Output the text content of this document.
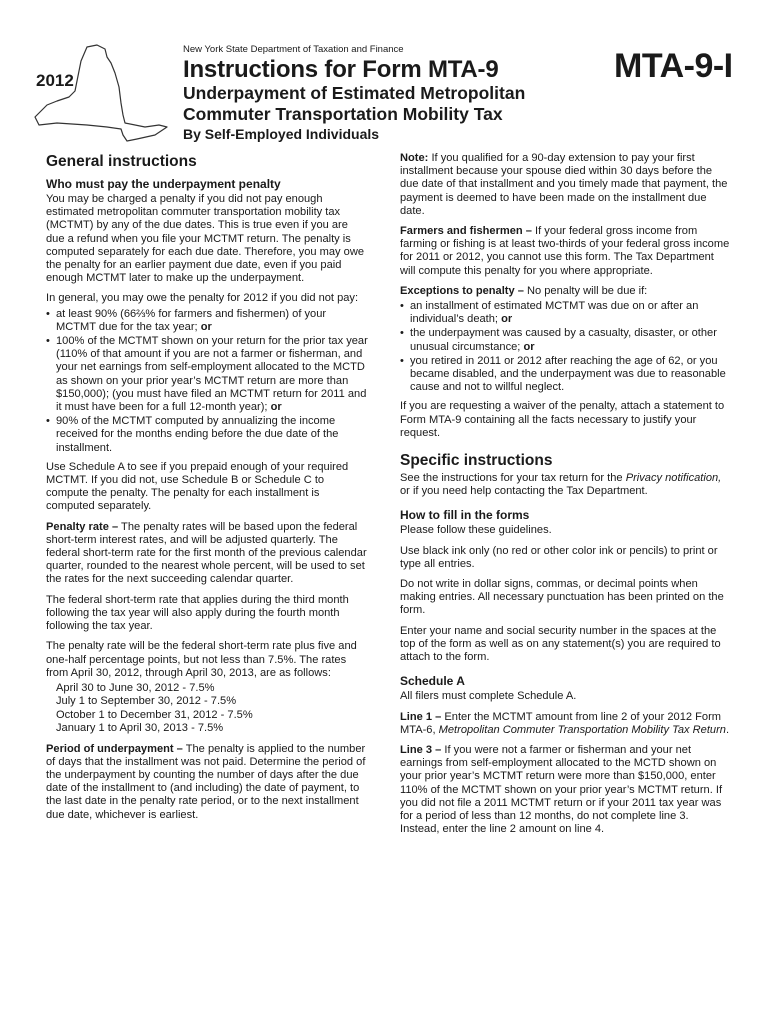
2012
New York State Department of Taxation and Finance
Instructions for Form MTA-9
Underpayment of Estimated Metropolitan
Commuter Transportation Mobility Tax
By Self-Employed Individuals
MTA-9-I
General instructions
Who must pay the underpayment penalty

You may be charged a penalty if you did not pay enough estimated metropolitan commuter transportation mobility tax (MCTMT) by any of the due dates. This is true even if you are due a refund when you file your MCTMT return. The penalty is computed separately for each due date. Therefore, you may owe the penalty for an earlier payment due date, even if you paid enough MCTMT later to make up the underpayment.

In general, you may owe the penalty for 2012 if you did not pay:

• at least 90% (66⅔% for farmers and fishermen) of your MCTMT due for the tax year; or
• 100% of the MCTMT shown on your return for the prior tax year (110% of that amount if you are not a farmer or fisherman, and your net earnings from self-employment allocated to the MCTD as shown on your prior year’s MCTMT return are more than $150,000); (you must have filed an MCTMT return for 2011 and it must have been for a full 12-month year); or
• 90% of the MCTMT computed by annualizing the income received for the months ending before the due date of the installment.

Use Schedule A to see if you prepaid enough of your required MCTMT. If you did not, use Schedule B or Schedule C to compute the penalty. The penalty for each installment is computed separately.

Penalty rate – The penalty rates will be based upon the federal short-term interest rates, and will be adjusted quarterly. The federal short-term rate for the first month of the previous calendar quarter, rounded to the nearest whole percent, will be used to set the rates for the next succeeding calendar quarter.

The federal short-term rate that applies during the third month following the tax year will also apply during the fourth month following the tax year.

The penalty rate will be the federal short-term rate plus five and one-half percentage points, but not less than 7.5%. The rates from April 30, 2012, through April 30, 2013, are as follows:

April 30 to June 30, 2012 - 7.5%
July 1 to September 30, 2012 - 7.5%
October 1 to December 31, 2012 - 7.5%
January 1 to April 30, 2013 - 7.5%

Period of underpayment – The penalty is applied to the number of days that the installment was not paid. Determine the period of the underpayment by counting the number of days after the due date of the installment to (and including) the date of payment, to the last date in the penalty rate period, or to the next installment due date, whichever is earliest.

Note: If you qualified for a 90-day extension to pay your first installment because your spouse died within 30 days before the due date of that installment and you timely made that payment, the payment is deemed to have been made on the installment due date.

Farmers and fishermen – If your federal gross income from farming or fishing is at least two-thirds of your federal gross income for 2011 or 2012, you cannot use this form. The Tax Department will compute this penalty for you where appropriate.

Exceptions to penalty – No penalty will be due if:

• an installment of estimated MCTMT was due on or after an individual’s death; or
• the underpayment was caused by a casualty, disaster, or other unusual circumstance; or
• you retired in 2011 or 2012 after reaching the age of 62, or you became disabled, and the underpayment was due to reasonable cause and not to willful neglect.

If you are requesting a waiver of the penalty, attach a statement to Form MTA-9 containing all the facts necessary to justify your request.

Specific instructions

See the instructions for your tax return for the Privacy notification, or if you need help contacting the Tax Department.

How to fill in the forms

Please follow these guidelines.

Use black ink only (no red or other color ink or pencils) to print or type all entries.

Do not write in dollar signs, commas, or decimal points when making entries. All necessary punctuation has been printed on the form.

Enter your name and social security number in the spaces at the top of the form as well as on any statement(s) you are required to attach to the form.

Schedule A

All filers must complete Schedule A.

Line 1 – Enter the MCTMT amount from line 2 of your 2012 Form MTA-6, Metropolitan Commuter Transportation Mobility Tax Return.

Line 3 – If you were not a farmer or fisherman and your net earnings from self-employment allocated to the MCTD shown on your prior year’s MCTMT return were more than $150,000, enter 110% of the MCTMT shown on your prior year’s MCTMT return. If you did not file a 2011 MCTMT return or if your 2011 tax year was for a period of less than 12 months, do not complete line 3. Instead, enter the line 2 amount on line 4.
